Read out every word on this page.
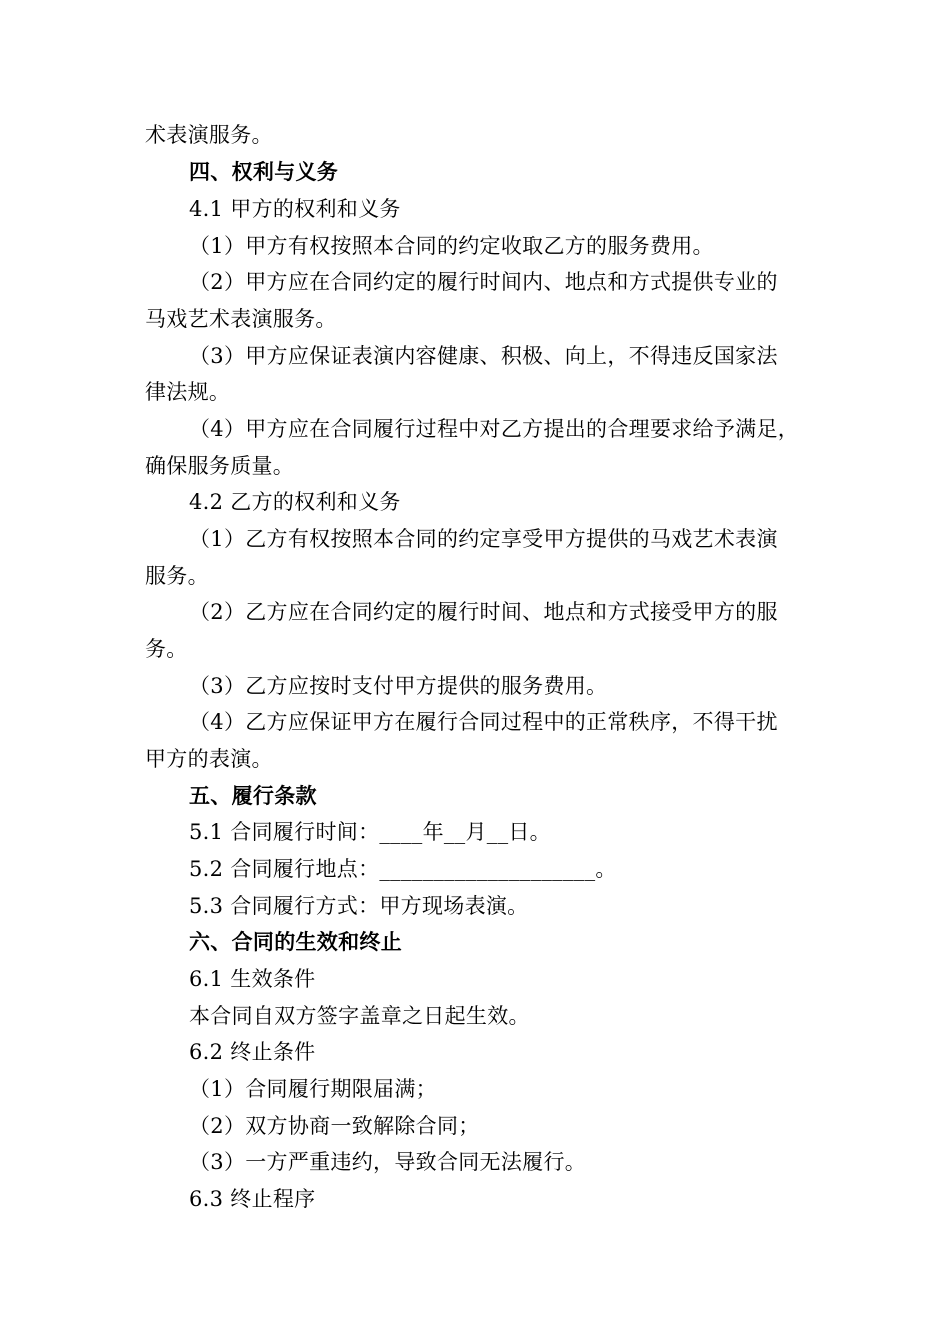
术表演服务。
四、权利与义务
4.1 甲方的权利和义务
（1）甲方有权按照本合同的约定收取乙方的服务费用。
（2）甲方应在合同约定的履行时间内、地点和方式提供专业的
马戏艺术表演服务。
（3）甲方应保证表演内容健康、积极、向上，不得违反国家法
律法规。
（4）甲方应在合同履行过程中对乙方提出的合理要求给予满足，
确保服务质量。
4.2 乙方的权利和义务
（1）乙方有权按照本合同的约定享受甲方提供的马戏艺术表演
服务。
（2）乙方应在合同约定的履行时间、地点和方式接受甲方的服
务。
（3）乙方应按时支付甲方提供的服务费用。
（4）乙方应保证甲方在履行合同过程中的正常秩序，不得干扰
甲方的表演。
五、履行条款
5.1 合同履行时间：____年__月__日。
5.2 合同履行地点：____________________。
5.3 合同履行方式：甲方现场表演。
六、合同的生效和终止
6.1 生效条件
本合同自双方签字盖章之日起生效。
6.2 终止条件
（1）合同履行期限届满；
（2）双方协商一致解除合同；
（3）一方严重违约，导致合同无法履行。
6.3 终止程序
